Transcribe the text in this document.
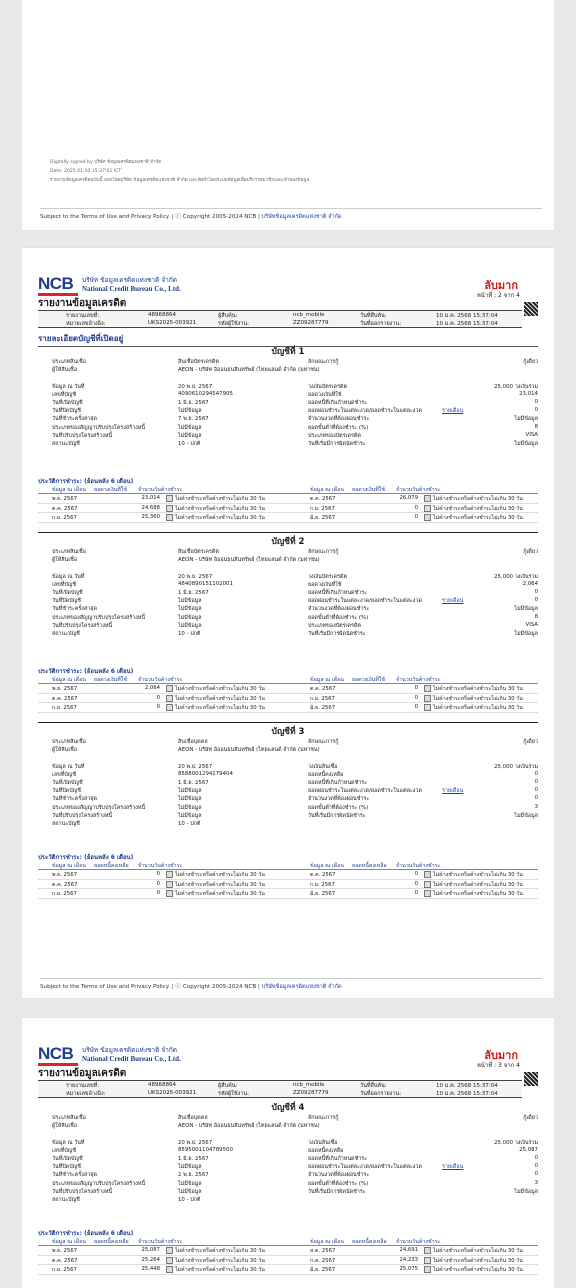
Digitally signed by บริษัท ข้อมูลเครดิตแห่งชาติ จำกัด
Date: 2025.01.10 15:37:01 ICT
รายงานข้อมูลเครดิตฉบับนี้ ออกโดยบริษัท ข้อมูลเครดิตแห่งชาติ จำกัด และจัดทำโดยระบบข้อมูลเพื่อบริการสมาชิกและเจ้าของข้อมูล
Subject to the Terms of Use and Privacy Policy. | ⓒ Copyright 2005-2024 NCB | บริษัทข้อมูลเครดิตแห่งชาติ จำกัด
NCB	บริษัท ข้อมูลเครดิตแห่งชาติ จำกัด
National Credit Bureau Co., Ltd.	ลับมาก
หน้าที่ : 2 จาก 4
รายงานข้อมูลเครดิต
รายงานเลขที่:	48968864	ผู้สืบค้น:	ncb_mobile	วันที่สืบค้น:	10 ม.ค. 2568 15:37:04
หมายเลขอ้างอิง:	UKS2025-003921	รหัสผู้ใช้งาน:	ZZ09287779	วันที่ออกรายงาน:	10 ม.ค. 2568 15:37:04
รายละเอียดบัญชีที่เปิดอยู่
บัญชีที่ 1
ประเภทสินเชื่อ	สินเชื่อบัตรเครดิต	ลักษณะการกู้	กู้เดี่ยว
ผู้ให้สินเชื่อ	AEON - บริษัท อิออนธนสินทรัพย์ (ไทยแลนด์ จำกัด (มหาชน)
ข้อมูล ณ วันที่	20 พ.ย. 2567	วงเงินบัตรเครดิต	25,000 วงเงินร่วม
เลขที่บัญชี	4090610294547905	ยอดวงเงินที่ใช้	23,014
วันที่เปิดบัญชี	1 มิ.ย. 2567	ยอดหนี้ที่เกินกำหนดชำระ	0
วันที่ปิดบัญชี	ไม่มีข้อมูล	ยอดผ่อนชำระในแต่ละงวด/ยอดชำระในแต่ละงวด	รายเดือน	0
วันที่ชำระครั้งล่าสุด	7 พ.ย. 2567	จำนวนงวดที่ต้องผ่อนชำระ	ไม่มีข้อมูล
ประเภทของสัญญาปรับปรุงโครงสร้างหนี้	ไม่มีข้อมูล	ยอดขั้นต่ำที่ต้องชำระ (%)	8
วันที่ปรับปรุงโครงสร้างหนี้	ไม่มีข้อมูล	ประเภทของบัตรเครดิต	VISA
สถานะบัญชี	10 - ปกติ	วันที่เริ่มมีการผิดนัดชำระ	ไม่มีข้อมูล
ประวัติการชำระ: (ย้อนหลัง 6 เดือน)
ข้อมูล ณ เดือน ยอดวงเงินที่ใช้ จำนวนวันค้างชำระ	ข้อมูล ณ เดือน ยอดวงเงินที่ใช้ จำนวนวันค้างชำระ
พ.ย. 2567	23,014	ไม่ค้างชำระหรือค้างชำระไม่เกิน 30 วัน	ต.ค. 2567	26,079	ไม่ค้างชำระหรือค้างชำระไม่เกิน 30 วัน
ต.ค. 2567	24,688	ไม่ค้างชำระหรือค้างชำระไม่เกิน 30 วัน	ก.ย. 2567	0	ไม่ค้างชำระหรือค้างชำระไม่เกิน 30 วัน
ก.ย. 2567	25,360	ไม่ค้างชำระหรือค้างชำระไม่เกิน 30 วัน	มิ.ย. 2567	0	ไม่ค้างชำระหรือค้างชำระไม่เกิน 30 วัน
บัญชีที่ 2
ประเภทสินเชื่อ	สินเชื่อบัตรเครดิต	ลักษณะการกู้	กู้เดี่ยว
ผู้ให้สินเชื่อ	AEON - บริษัท อิออนธนสินทรัพย์ (ไทยแลนด์ จำกัด (มหาชน)
ข้อมูล ณ วันที่	20 พ.ย. 2567	วงเงินบัตรเครดิต	25,000 วงเงินร่วม
เลขที่บัญชี	4840890151102001	ยอดวงเงินที่ใช้	2,064
วันที่เปิดบัญชี	1 มิ.ย. 2567	ยอดหนี้ที่เกินกำหนดชำระ	0
วันที่ปิดบัญชี	ไม่มีข้อมูล	ยอดผ่อนชำระในแต่ละงวด/ยอดชำระในแต่ละงวด	รายเดือน	0
วันที่ชำระครั้งล่าสุด	ไม่มีข้อมูล	จำนวนงวดที่ต้องผ่อนชำระ	ไม่มีข้อมูล
ประเภทของสัญญาปรับปรุงโครงสร้างหนี้	ไม่มีข้อมูล	ยอดขั้นต่ำที่ต้องชำระ (%)	8
วันที่ปรับปรุงโครงสร้างหนี้	ไม่มีข้อมูล	ประเภทของบัตรเครดิต	VISA
สถานะบัญชี	10 - ปกติ	วันที่เริ่มมีการผิดนัดชำระ	ไม่มีข้อมูล
ประวัติการชำระ: (ย้อนหลัง 6 เดือน)
ข้อมูล ณ เดือน ยอดวงเงินที่ใช้ จำนวนวันค้างชำระ	ข้อมูล ณ เดือน ยอดวงเงินที่ใช้ จำนวนวันค้างชำระ
พ.ย. 2567	2,064	ไม่ค้างชำระหรือค้างชำระไม่เกิน 30 วัน	ต.ค. 2567	0	ไม่ค้างชำระหรือค้างชำระไม่เกิน 30 วัน
ต.ค. 2567	0	ไม่ค้างชำระหรือค้างชำระไม่เกิน 30 วัน	ก.ย. 2567	0	ไม่ค้างชำระหรือค้างชำระไม่เกิน 30 วัน
ก.ย. 2567	0	ไม่ค้างชำระหรือค้างชำระไม่เกิน 30 วัน	มิ.ย. 2567	0	ไม่ค้างชำระหรือค้างชำระไม่เกิน 30 วัน
บัญชีที่ 3
ประเภทสินเชื่อ	สินเชื่อบุคคล	ลักษณะการกู้	กู้เดี่ยว
ผู้ให้สินเชื่อ	AEON - บริษัท อิออนธนสินทรัพย์ (ไทยแลนด์ จำกัด (มหาชน)
ข้อมูล ณ วันที่	20 พ.ย. 2567	วงเงินสินเชื่อ	25,000 วงเงินร่วม
เลขที่บัญชี	8588001294179404	ยอดหนี้คงเหลือ	0
วันที่เปิดบัญชี	1 มิ.ย. 2567	ยอดหนี้ที่เกินกำหนดชำระ	0
วันที่ปิดบัญชี	ไม่มีข้อมูล	ยอดผ่อนชำระในแต่ละงวด/ยอดชำระในแต่ละงวด	รายเดือน	0
วันที่ชำระครั้งล่าสุด	ไม่มีข้อมูล	จำนวนงวดที่ต้องผ่อนชำระ	0
ประเภทของสัญญาปรับปรุงโครงสร้างหนี้	ไม่มีข้อมูล	ยอดขั้นต่ำที่ต้องชำระ (%)	3
วันที่ปรับปรุงโครงสร้างหนี้	ไม่มีข้อมูล	วันที่เริ่มมีการผิดนัดชำระ	ไม่มีข้อมูล
สถานะบัญชี	10 - ปกติ
ประวัติการชำระ: (ย้อนหลัง 6 เดือน)
ข้อมูล ณ เดือน ยอดหนี้คงเหลือ จำนวนวันค้างชำระ	ข้อมูล ณ เดือน ยอดหนี้คงเหลือ จำนวนวันค้างชำระ
พ.ย. 2567	0	ไม่ค้างชำระหรือค้างชำระไม่เกิน 30 วัน	ต.ค. 2567	0	ไม่ค้างชำระหรือค้างชำระไม่เกิน 30 วัน
ต.ค. 2567	0	ไม่ค้างชำระหรือค้างชำระไม่เกิน 30 วัน	ก.ย. 2567	0	ไม่ค้างชำระหรือค้างชำระไม่เกิน 30 วัน
ก.ย. 2567	0	ไม่ค้างชำระหรือค้างชำระไม่เกิน 30 วัน	มิ.ย. 2567	0	ไม่ค้างชำระหรือค้างชำระไม่เกิน 30 วัน
Subject to the Terms of Use and Privacy Policy. | ⓒ Copyright 2005-2024 NCB | บริษัทข้อมูลเครดิตแห่งชาติ จำกัด
NCB	บริษัท ข้อมูลเครดิตแห่งชาติ จำกัด
National Credit Bureau Co., Ltd.	ลับมาก
หน้าที่ : 3 จาก 4
รายงานข้อมูลเครดิต
รายงานเลขที่:	48968864	ผู้สืบค้น:	ncb_mobile	วันที่สืบค้น:	10 ม.ค. 2568 15:37:04
หมายเลขอ้างอิง:	UKS2025-003921	รหัสผู้ใช้งาน:	ZZ09287779	วันที่ออกรายงาน:	10 ม.ค. 2568 15:37:04
บัญชีที่ 4
ประเภทสินเชื่อ	สินเชื่อบุคคล	ลักษณะการกู้	กู้เดี่ยว
ผู้ให้สินเชื่อ	AEON - บริษัท อิออนธนสินทรัพย์ (ไทยแลนด์ จำกัด (มหาชน)
ข้อมูล ณ วันที่	20 พ.ย. 2567	วงเงินสินเชื่อ	25,000 วงเงินร่วม
เลขที่บัญชี	8595001104789500	ยอดหนี้คงเหลือ	25,087
วันที่เปิดบัญชี	1 มิ.ย. 2567	ยอดหนี้ที่เกินกำหนดชำระ	0
วันที่ปิดบัญชี	ไม่มีข้อมูล	ยอดผ่อนชำระในแต่ละงวด/ยอดชำระในแต่ละงวด	รายเดือน	0
วันที่ชำระครั้งล่าสุด	2 พ.ย. 2567	จำนวนงวดที่ต้องผ่อนชำระ	0
ประเภทของสัญญาปรับปรุงโครงสร้างหนี้	ไม่มีข้อมูล	ยอดขั้นต่ำที่ต้องชำระ (%)	3
วันที่ปรับปรุงโครงสร้างหนี้	ไม่มีข้อมูล	วันที่เริ่มมีการผิดนัดชำระ	ไม่มีข้อมูล
สถานะบัญชี	10 - ปกติ
ประวัติการชำระ: (ย้อนหลัง 6 เดือน)
ข้อมูล ณ เดือน ยอดหนี้คงเหลือ จำนวนวันค้างชำระ	ข้อมูล ณ เดือน ยอดหนี้คงเหลือ จำนวนวันค้างชำระ
พ.ย. 2567	25,087	ไม่ค้างชำระหรือค้างชำระไม่เกิน 30 วัน	ส.ค. 2567	24,691	ไม่ค้างชำระหรือค้างชำระไม่เกิน 30 วัน
ต.ค. 2567	25,264	ไม่ค้างชำระหรือค้างชำระไม่เกิน 30 วัน	ก.ค. 2567	24,233	ไม่ค้างชำระหรือค้างชำระไม่เกิน 30 วัน
ก.ย. 2567	25,448	ไม่ค้างชำระหรือค้างชำระไม่เกิน 30 วัน	มิ.ย. 2567	25,075	ไม่ค้างชำระหรือค้างชำระไม่เกิน 30 วัน
